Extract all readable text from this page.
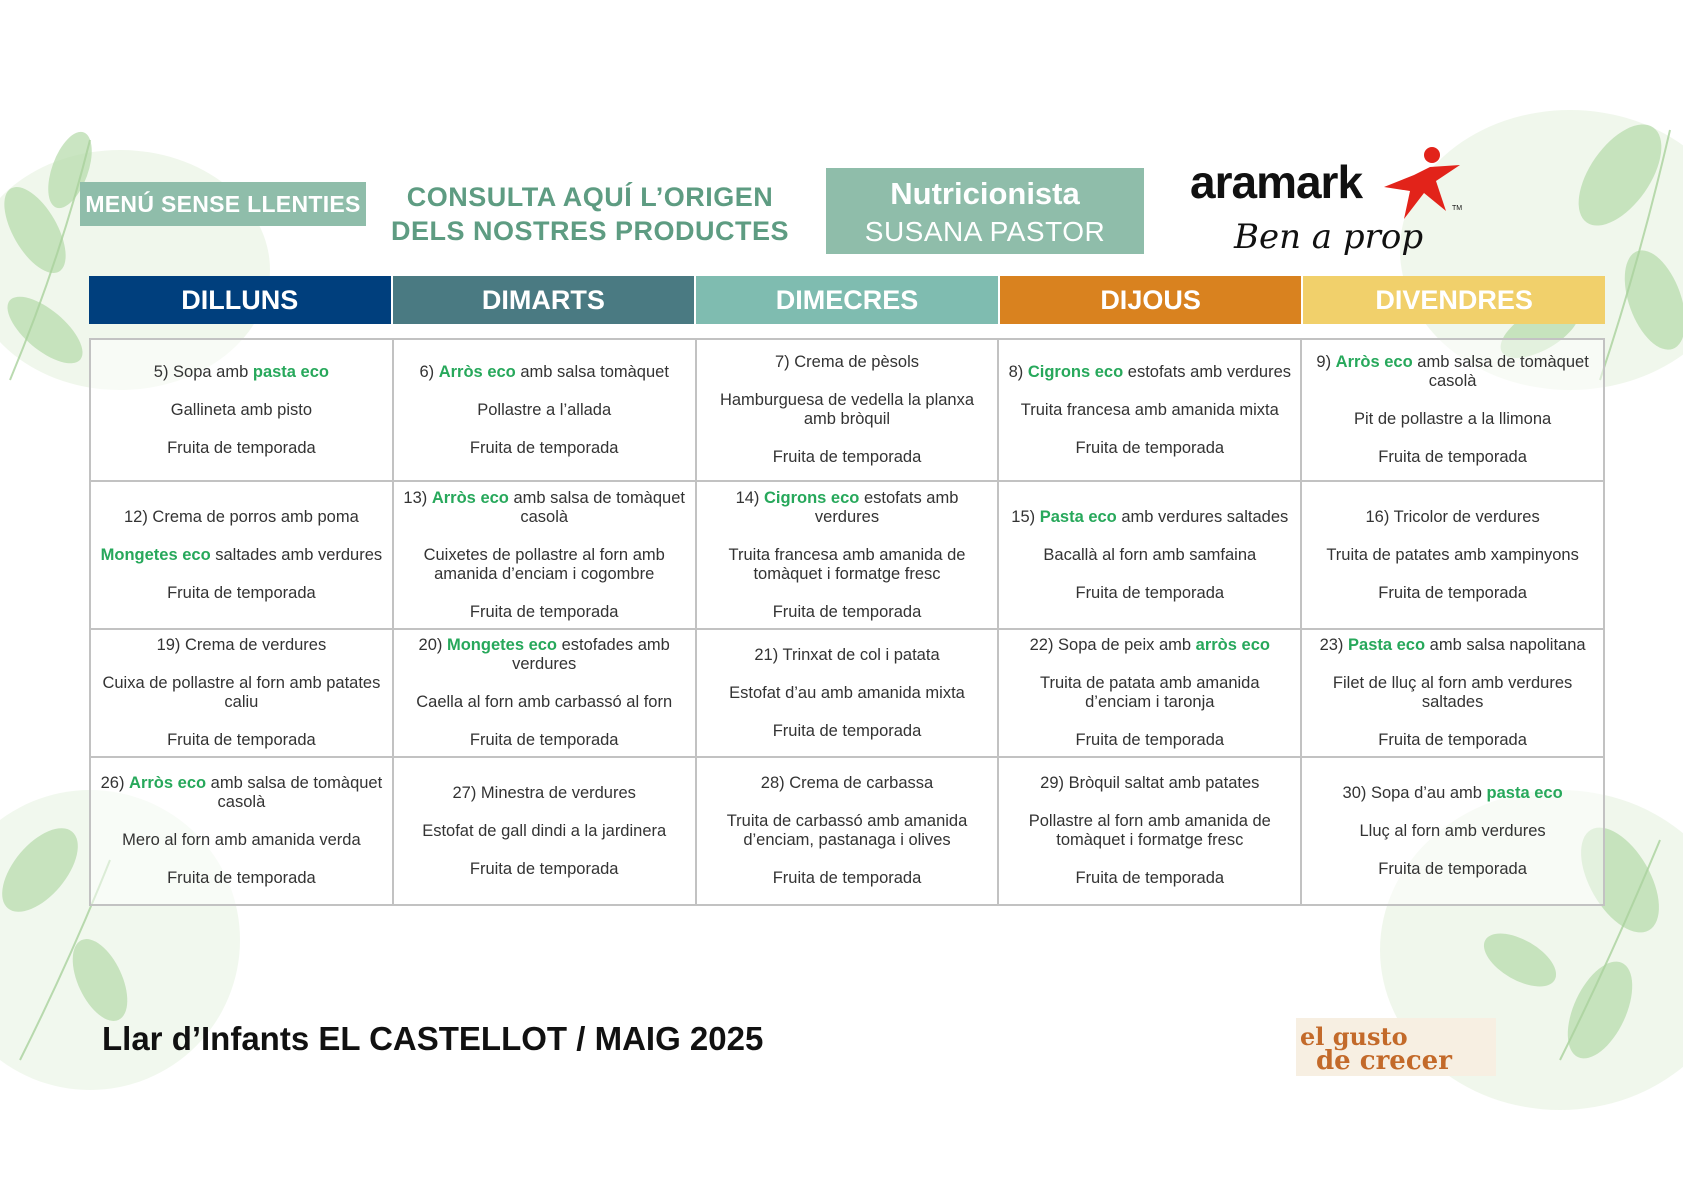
MENÚ SENSE LLENTIES	CONSULTA AQUÍ L’ORIGEN
DELS NOSTRES PRODUCTES
Nutricionista
SUSANA PASTOR
aramark
TM
Ben a prop
DILLUNS	DIMARTS	DIMECRES	DIJOUS	DIVENDRES
5) Sopa amb pasta eco
Gallineta amb pisto
Fruita de temporada	6) Arròs eco amb salsa tomàquet
Pollastre a l’allada
Fruita de temporada	7) Crema de pèsols
Hamburguesa de vedella la planxa amb bròquil
Fruita de temporada	8) Cigrons eco estofats amb verdures
Truita francesa amb amanida mixta
Fruita de temporada	9) Arròs eco amb salsa de tomàquet casolà
Pit de pollastre a la llimona
Fruita de temporada

12) Crema de porros amb poma
Mongetes eco saltades amb verdures
Fruita de temporada	13) Arròs eco amb salsa de tomàquet casolà
Cuixetes de pollastre al forn amb amanida d’enciam i cogombre
Fruita de temporada	14) Cigrons eco estofats amb verdures
Truita francesa amb amanida de tomàquet i formatge fresc
Fruita de temporada	15) Pasta eco amb verdures saltades
Bacallà al forn amb samfaina
Fruita de temporada	16) Tricolor de verdures
Truita de patates amb xampinyons
Fruita de temporada

19) Crema de verdures
Cuixa de pollastre al forn amb patates caliu
Fruita de temporada	20) Mongetes eco estofades amb verdures
Caella al forn amb carbassó al forn
Fruita de temporada	21) Trinxat de col i patata
Estofat d’au amb amanida mixta
Fruita de temporada	22) Sopa de peix amb arròs eco
Truita de patata amb amanida d’enciam i taronja
Fruita de temporada	23) Pasta eco amb salsa napolitana
Filet de lluç al forn amb verdures saltades
Fruita de temporada

26) Arròs eco amb salsa de tomàquet casolà
Mero al forn amb amanida verda
Fruita de temporada	27) Minestra de verdures
Estofat de gall dindi a la jardinera
Fruita de temporada	28) Crema de carbassa
Truita de carbassó amb amanida d’enciam, pastanaga i olives
Fruita de temporada	29) Bròquil saltat amb patates
Pollastre al forn amb amanida de tomàquet i formatge fresc
Fruita de temporada	30) Sopa d’au amb pasta eco
Lluç al forn amb verdures
Fruita de temporada
Llar d’Infants EL CASTELLOT / MAIG 2025	el gusto
de crecer
